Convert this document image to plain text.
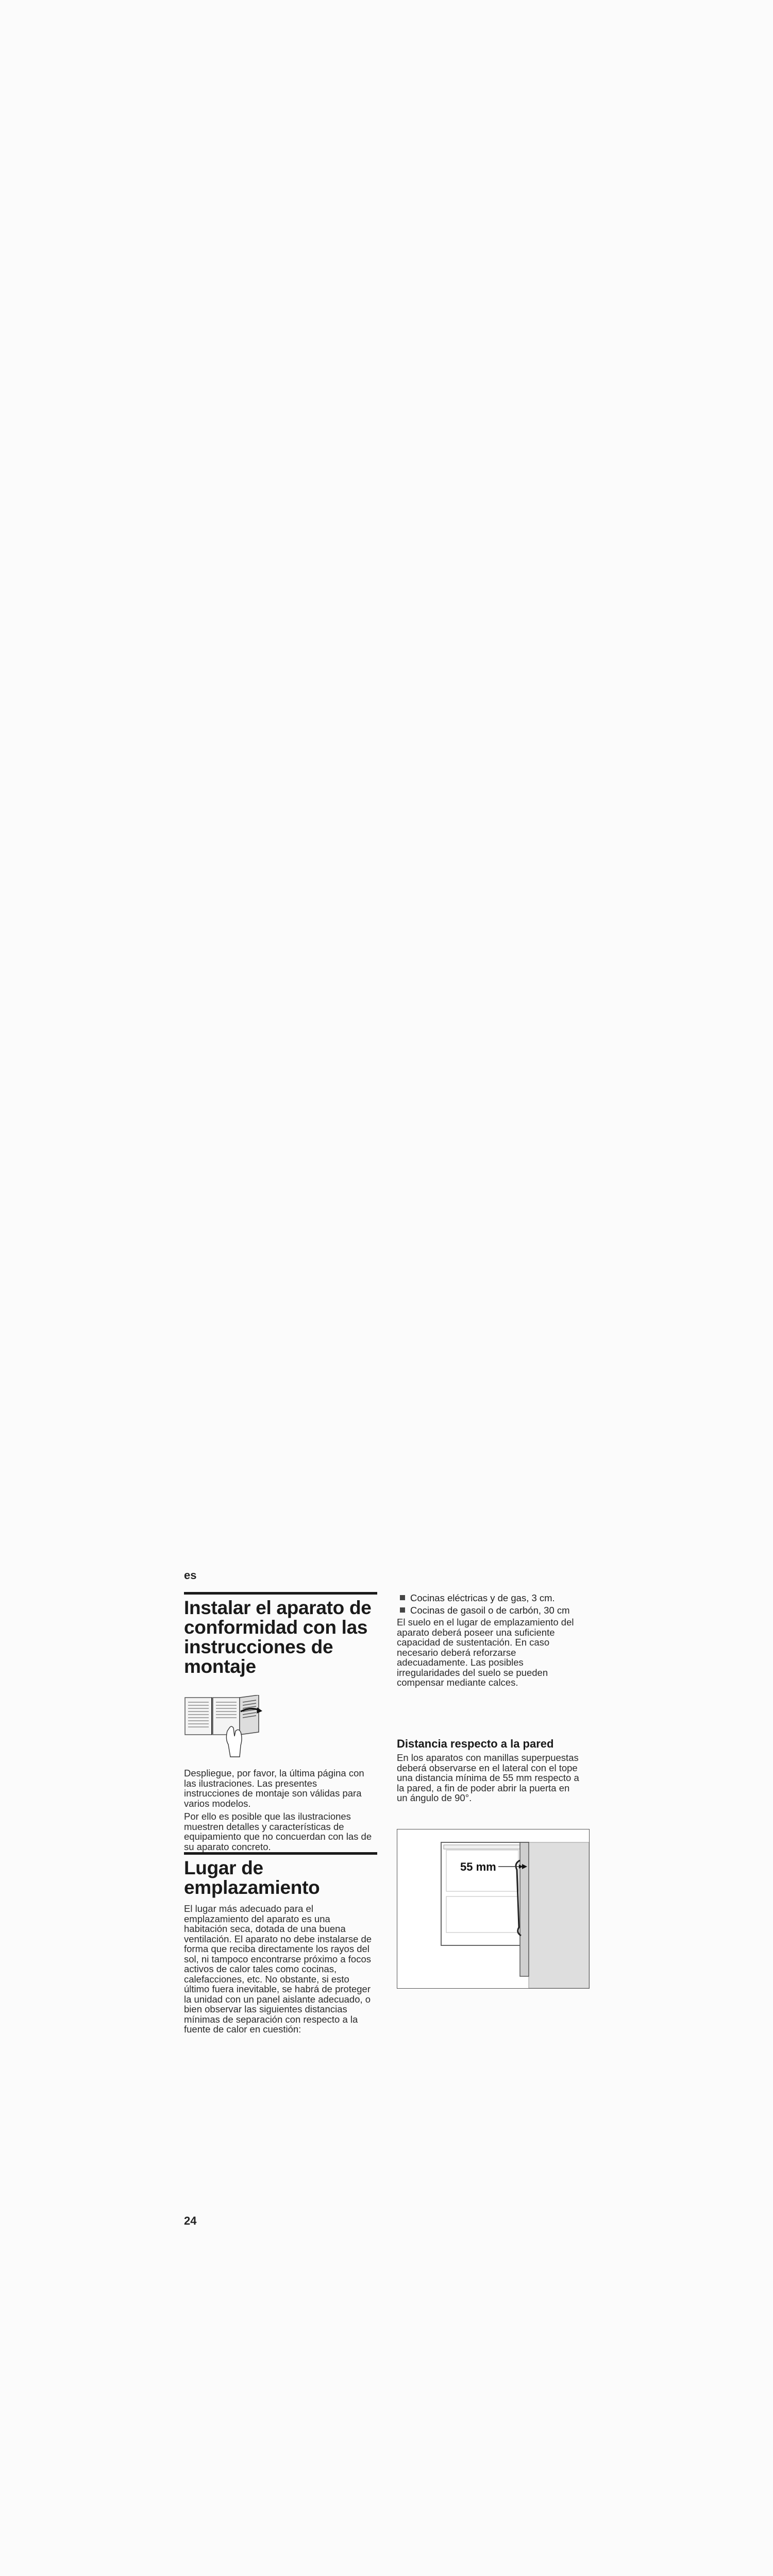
es
Instalar el aparato de conformidad con las instrucciones de montaje

Despliegue, por favor, la última página con las ilustraciones. Las presentes instrucciones de montaje son válidas para varios modelos.

Por ello es posible que las ilustraciones muestren detalles y características de equipamiento que no concuerdan con las de su aparato concreto.

Lugar de emplazamiento

El lugar más adecuado para el emplazamiento del aparato es una habitación seca, dotada de una buena ventilación. El aparato no debe instalarse de forma que reciba directamente los rayos del sol, ni tampoco encontrarse próximo a focos activos de calor tales como cocinas, calefacciones, etc. No obstante, si esto último fuera inevitable, se habrá de proteger la unidad con un panel aislante adecuado, o bien observar las siguientes distancias mínimas de separación con respecto a la fuente de calor en cuestión:

Cocinas eléctricas y de gas, 3 cm.
Cocinas de gasoil o de carbón, 30 cm

El suelo en el lugar de emplazamiento del aparato deberá poseer una suficiente capacidad de sustentación. En caso necesario deberá reforzarse adecuadamente. Las posibles irregularidades del suelo se pueden compensar mediante calces.

Distancia respecto a la pared

En los aparatos con manillas superpuestas deberá observarse en el lateral con el tope una distancia mínima de 55 mm respecto a la pared, a fin de poder abrir la puerta en un ángulo de 90°.

55 mm
24
